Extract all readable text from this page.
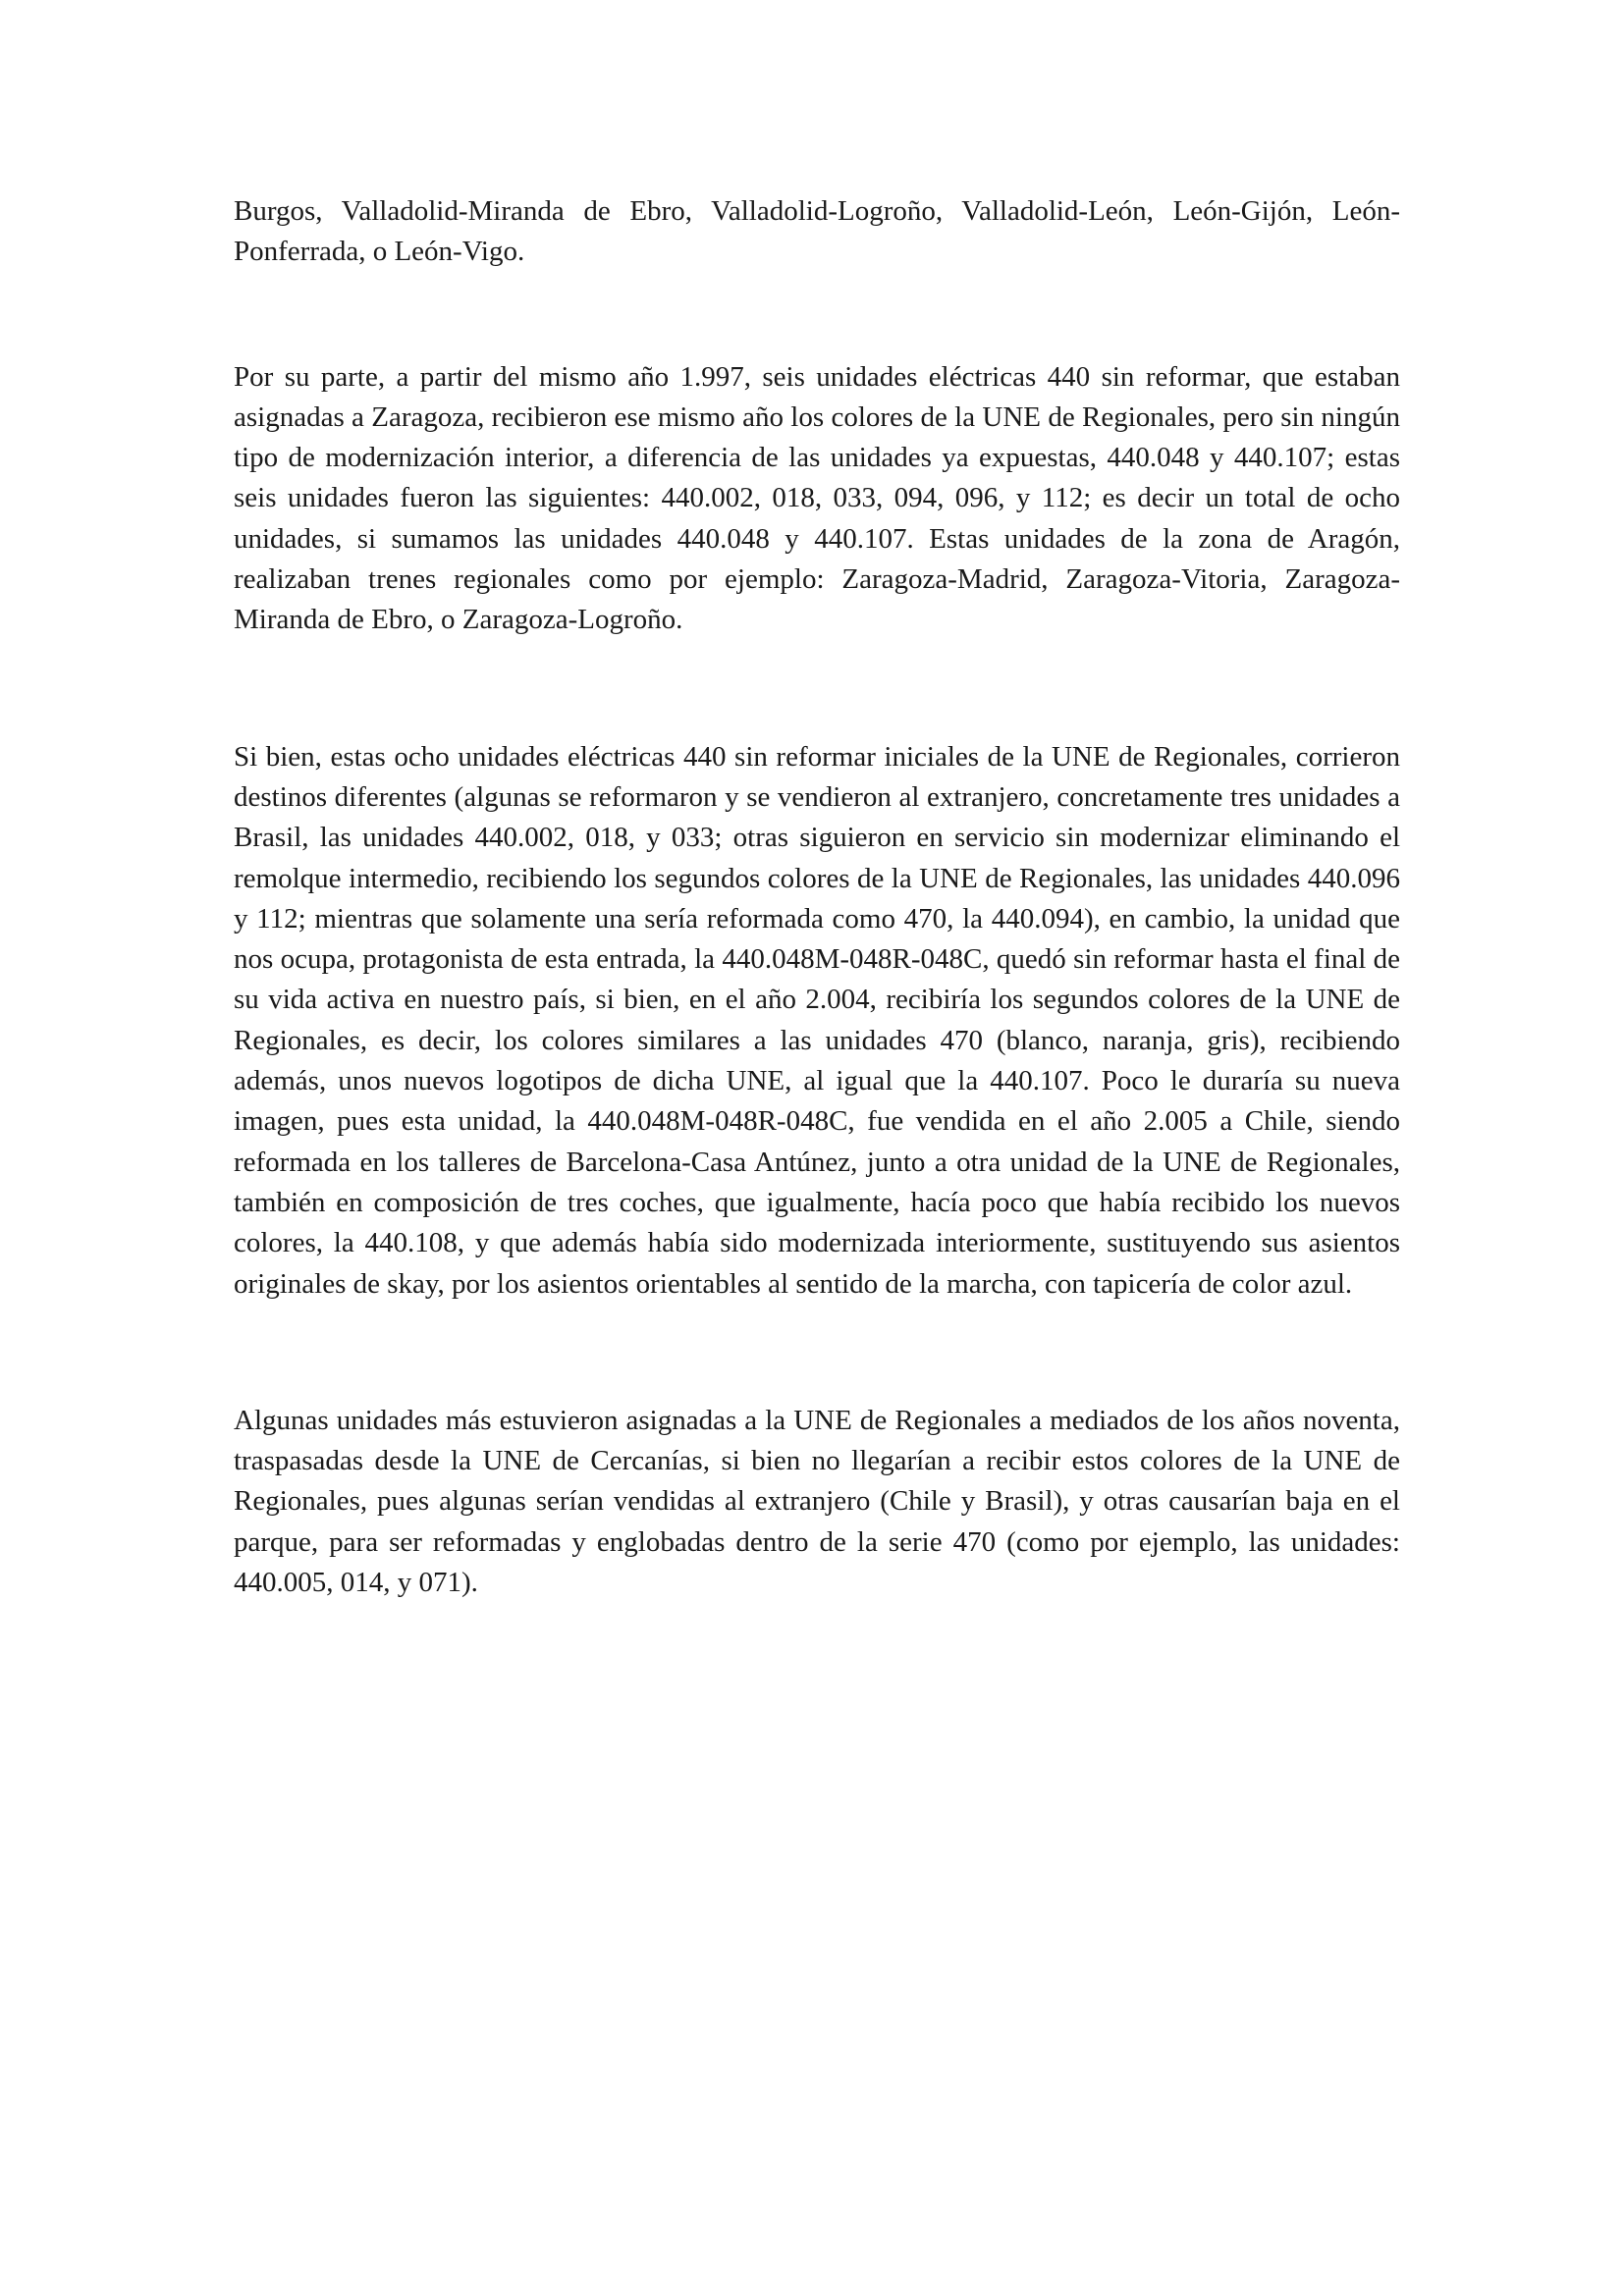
Burgos, Valladolid-Miranda de Ebro, Valladolid-Logroño, Valladolid-León, León-Gijón, León-Ponferrada, o León-Vigo.

Por su parte, a partir del mismo año 1.997, seis unidades eléctricas 440 sin reformar, que estaban asignadas a Zaragoza, recibieron ese mismo año los colores de la UNE de Regionales, pero sin ningún tipo de modernización interior, a diferencia de las unidades ya expuestas, 440.048 y 440.107; estas seis unidades fueron las siguientes: 440.002, 018, 033, 094, 096, y 112; es decir un total de ocho unidades, si sumamos las unidades 440.048 y 440.107. Estas unidades de la zona de Aragón, realizaban trenes regionales como por ejemplo: Zaragoza-Madrid, Zaragoza-Vitoria, Zaragoza-Miranda de Ebro, o Zaragoza-Logroño.

Si bien, estas ocho unidades eléctricas 440 sin reformar iniciales de la UNE de Regionales, corrieron destinos diferentes (algunas se reformaron y se vendieron al extranjero, concretamente tres unidades a Brasil, las unidades 440.002, 018, y 033; otras siguieron en servicio sin modernizar eliminando el remolque intermedio, recibiendo los segundos colores de la UNE de Regionales, las unidades 440.096 y 112; mientras que solamente una sería reformada como 470, la 440.094), en cambio, la unidad que nos ocupa, protagonista de esta entrada, la 440.048M-048R-048C, quedó sin reformar hasta el final de su vida activa en nuestro país, si bien, en el año 2.004, recibiría los segundos colores de la UNE de Regionales, es decir, los colores similares a las unidades 470 (blanco, naranja, gris), recibiendo además, unos nuevos logotipos de dicha UNE, al igual que la 440.107. Poco le duraría su nueva imagen, pues esta unidad, la 440.048M-048R-048C, fue vendida en el año 2.005 a Chile, siendo reformada en los talleres de Barcelona-Casa Antúnez, junto a otra unidad de la UNE de Regionales, también en composición de tres coches, que igualmente, hacía poco que había recibido los nuevos colores, la 440.108, y que además había sido modernizada interiormente, sustituyendo sus asientos originales de skay, por los asientos orientables al sentido de la marcha, con tapicería de color azul.

Algunas unidades más estuvieron asignadas a la UNE de Regionales a mediados de los años noventa, traspasadas desde la UNE de Cercanías, si bien no llegarían a recibir estos colores de la UNE de Regionales, pues algunas serían vendidas al extranjero (Chile y Brasil), y otras causarían baja en el parque, para ser reformadas y englobadas dentro de la serie 470 (como por ejemplo, las unidades: 440.005, 014, y 071).
